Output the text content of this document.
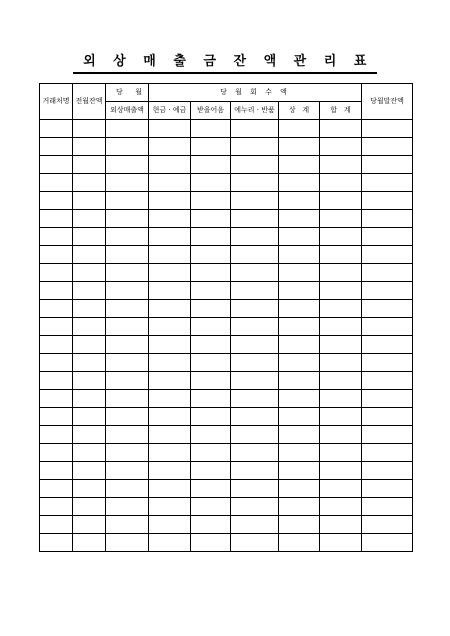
외 상 매 출 금 잔 액 관 리 표
거래처명	전월잔액	당 월	당 월 회 수 액					당월말잔액
		외상매출액	현금 · 예금	받을어음	에누리 · 반품	상   계	합   계	
